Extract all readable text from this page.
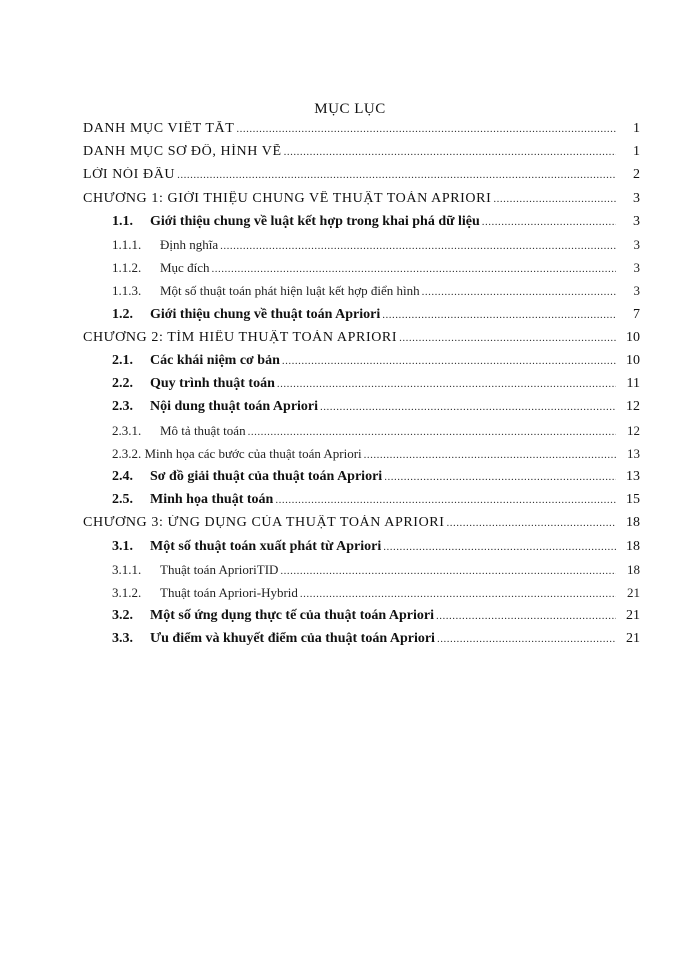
MỤC LỤC
DANH MỤC VIẾT TẮT .....	1
DANH MỤC SƠ ĐỒ, HÌNH VẼ .....	1
LỜI NÓI ĐẦU .....	2
CHƯƠNG 1: GIỚI THIỆU CHUNG VỀ THUẬT TOÁN APRIORI .....	3
1.1.	Giới thiệu chung về luật kết hợp trong khai phá dữ liệu .....	3
1.1.1.	Định nghĩa .....	3
1.1.2.	Mục đích .....	3
1.1.3.	Một số thuật toán phát hiện luật kết hợp điển hình .....	3
1.2.	Giới thiệu chung về thuật toán Apriori .....	7
CHƯƠNG 2: TÌM HIỂU THUẬT TOÁN APRIORI .....	10
2.1.	Các khái niệm cơ bản .....	10
2.2.	Quy trình thuật toán .....	11
2.3.	Nội dung thuật toán Apriori .....	12
2.3.1.	Mô tả thuật toán .....	12
2.3.2. Minh họa các bước của thuật toán Apriori .....	13
2.4.	Sơ đồ giải thuật của thuật toán Apriori .....	13
2.5.	Minh họa thuật toán .....	15
CHƯƠNG 3: ỨNG DỤNG CỦA THUẬT TOÁN APRIORI .....	18
3.1.	Một số thuật toán xuất phát từ Apriori .....	18
3.1.1.	Thuật toán AprioriTID .....	18
3.1.2.	Thuật toán Apriori-Hybrid .....	21
3.2.	Một số ứng dụng thực tế của thuật toán Apriori .....	21
3.3.	Ưu điểm và khuyết điểm của thuật toán Apriori .....	21
